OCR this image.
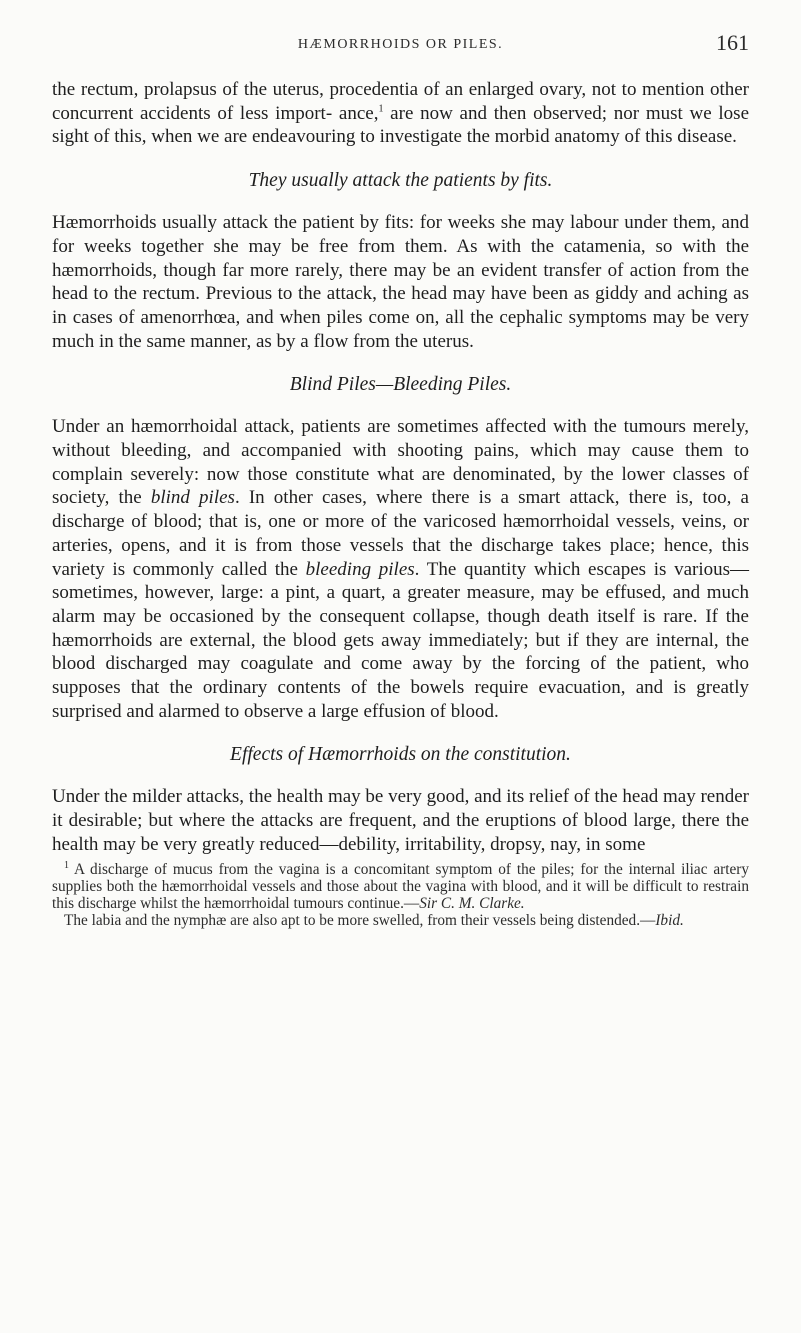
HÆMORRHOIDS OR PILES.	161

the rectum, prolapsus of the uterus, procedentia of an enlarged ovary, not to mention other concurrent accidents of less import- ance,$^1$ are now and then observed; nor must we lose sight of this, when we are endeavouring to investigate the morbid anatomy of this disease.

They usually attack the patients by fits.

Hæmorrhoids usually attack the patient by fits: for weeks she may labour under them, and for weeks together she may be free from them. As with the catamenia, so with the hæmorrhoids, though far more rarely, there may be an evident transfer of action from the head to the rectum. Previous to the attack, the head may have been as giddy and aching as in cases of amenorrhœa, and when piles come on, all the cephalic symptoms may be very much in the same manner, as by a flow from the uterus.

Blind Piles—Bleeding Piles.

Under an hæmorrhoidal attack, patients are sometimes affected with the tumours merely, without bleeding, and accompanied with shooting pains, which may cause them to complain severely: now those constitute what are denominated, by the lower classes of society, the blind piles. In other cases, where there is a smart attack, there is, too, a discharge of blood; that is, one or more of the varicosed hæmorrhoidal vessels, veins, or arteries, opens, and it is from those vessels that the discharge takes place; hence, this variety is commonly called the bleeding piles. The quantity which escapes is various—sometimes, however, large: a pint, a quart, a greater measure, may be effused, and much alarm may be occasioned by the consequent collapse, though death itself is rare. If the hæmorrhoids are external, the blood gets away immediately; but if they are internal, the blood discharged may coagulate and come away by the forcing of the patient, who supposes that the ordinary contents of the bowels require evacuation, and is greatly surprised and alarmed to observe a large effusion of blood.

Effects of Hæmorrhoids on the constitution.

Under the milder attacks, the health may be very good, and its relief of the head may render it desirable; but where the attacks are frequent, and the eruptions of blood large, there the health may be very greatly reduced—debility, irritability, dropsy, nay, in some

$^1$ A discharge of mucus from the vagina is a concomitant symptom of the piles; for the internal iliac artery supplies both the hæmorrhoidal vessels and those about the vagina with blood, and it will be difficult to restrain this discharge whilst the hæmorrhoidal tumours continue.—Sir C. M. Clarke.

The labia and the nymphæ are also apt to be more swelled, from their vessels being distended.—Ibid.
